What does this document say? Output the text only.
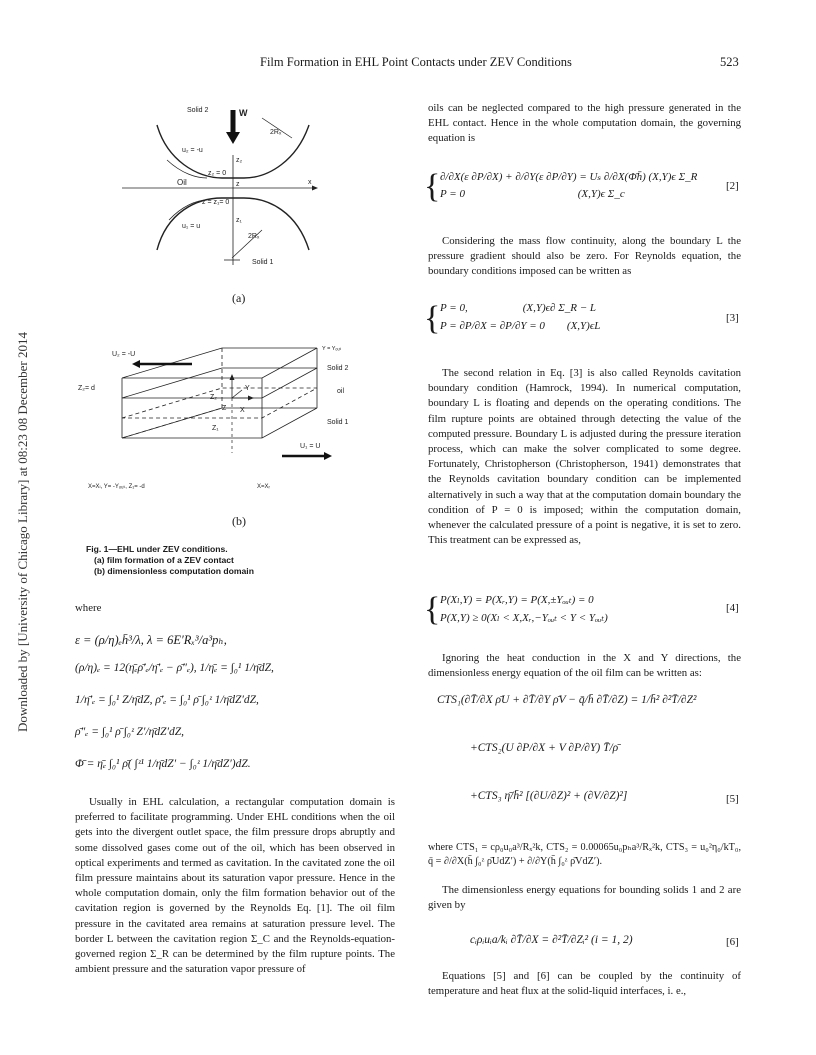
Film Formation in EHL Point Contacts under ZEV Conditions	523
Downloaded by [University of Chicago Library] at 08:23 08 December 2014
Solid 2	W
2Rₓ
u₂ = -u
z₂
z₂ = 0
Oil	z	x
z = z₁= 0
z₁
u₁ = u
2Rₓ
Solid 1
(a)
U₂ = -U
Y = Yₒᵤₜ
Solid 2
Z₂= d	oil
Z₂
Y
Z X
Solid 1
Z₁
U₁ = U
X=Xₗ, Y= -Yₒᵤₜ, Z₁= -d	X=Xᵣ
(b)
Fig. 1—EHL under ZEV conditions.
(a) film formation of a ZEV contact
(b) dimensionless computation domain
where
ε = (ρ/η)ₑh̄³/λ, λ = 6E′Rₓ³/a³pₕ,
(ρ/η)ₑ = 12(η̄ₑρ̄′ₑ/η̄′ₑ − ρ̄″ₑ), 1/η̄ₑ = ∫₀¹ 1/η̄dZ,
1/η̄′ₑ = ∫₀¹ Z/η̄dZ, ρ̄′ₑ = ∫₀¹ ρ̄ ∫₀ᶻ 1/η̄dZ′dZ,
ρ̄″ₑ = ∫₀¹ ρ̄ ∫₀ᶻ Z′/η̄dZ′dZ,
Φ̄ = η̄ₑ ∫₀¹ ρ̄( ∫ᶻ¹ 1/η̄dZ′ − ∫₀ᶻ 1/η̄dZ′)dZ.
Usually in EHL calculation, a rectangular computation domain is preferred to facilitate programming. Under EHL conditions when the oil gets into the divergent outlet space, the film pressure drops abruptly and some dissolved gases come out of the oil, which has been observed in optical experiments and termed as cavitation. In the cavitated zone the oil film pressure maintains about its saturation vapor pressure. Hence in the whole computation domain, only the film formation behavior out of the cavitation region is governed by the Reynolds Eq. [1]. The oil film pressure in the cavitated area remains at saturation pressure level. The border L between the cavitation region Σ_C and the Reynolds-equation-governed region Σ_R can be determined by the film rupture points. The ambient pressure and the saturation vapor pressure of
oils can be neglected compared to the high pressure generated in the EHL contact. Hence in the whole computation domain, the governing equation is
{ ∂/∂X(ε ∂P/∂X) + ∂/∂Y(ε ∂P/∂Y) = Uₛ ∂/∂X(Φ̄h̄) (X,Y)ϵ Σ_R
P = 0                                         (X,Y)ϵ Σ_c
[2]
Considering the mass flow continuity, along the boundary L the pressure gradient should also be zero. For Reynolds equation, the boundary conditions imposed can be written as
{ P = 0,                    (X,Y)ϵ∂ Σ_R − L
P = ∂P/∂X = ∂P/∂Y = 0        (X,Y)ϵL
[3]
The second relation in Eq. [3] is also called Reynolds cavitation boundary condition (Hamrock, 1994). In numerical computation, boundary L is floating and depends on the operating conditions. The film rupture points are obtained through detecting the value of the computed pressure. Boundary L is adjusted during the pressure iteration process, which can make the solver complicated to some degree. Fortunately, Christopherson (Christopherson, 1941) demonstrates that the Reynolds cavitation boundary condition can be implemented alternatively in such a way that at the computation domain boundary the condition of P = 0 is imposed; within the computation domain, whenever the calculated pressure of a point is negative, it is set to zero. This treatment can be expressed as,
{ P(Xₗ,Y) = P(Xᵣ,Y) = P(X,±Yₒᵤₜ) = 0
P(X,Y) ≥ 0(Xₗ < X,Xᵣ,−Yₒᵤₜ < Y < Yₒᵤₜ)
[4]
Ignoring the heat conduction in the X and Y directions, the dimensionless energy equation of the oil film can be written as:
CTS₁(∂T̄/∂X ρ̄U + ∂T̄/∂Y ρ̄V − q̄/h̄ ∂T̄/∂Z) = 1/h̄² ∂²T̄/∂Z²
+CTS₂(U ∂P/∂X + V ∂P/∂Y) T̄/ρ̄
+CTS₃ η̄/h̄² [(∂U/∂Z)² + (∂V/∂Z)²]	[5]
where CTS₁ = cρ₀u₀a³/Rₓ²k, CTS₂ = 0.00065u₀pₕa³/Rₓ²k, CTS₃ = u₀²η₀/kT₀, q̄ = ∂/∂X(h̄ ∫₀ᶻ ρ̄UdZ′) + ∂/∂Y(h̄ ∫₀ᶻ ρ̄VdZ′).
The dimensionless energy equations for bounding solids 1 and 2 are given by
cᵢρᵢuᵢa/kᵢ ∂T̄/∂X = ∂²T̄/∂Zᵢ² (i = 1, 2)	[6]
Equations [5] and [6] can be coupled by the continuity of temperature and heat flux at the solid-liquid interfaces, i. e.,
